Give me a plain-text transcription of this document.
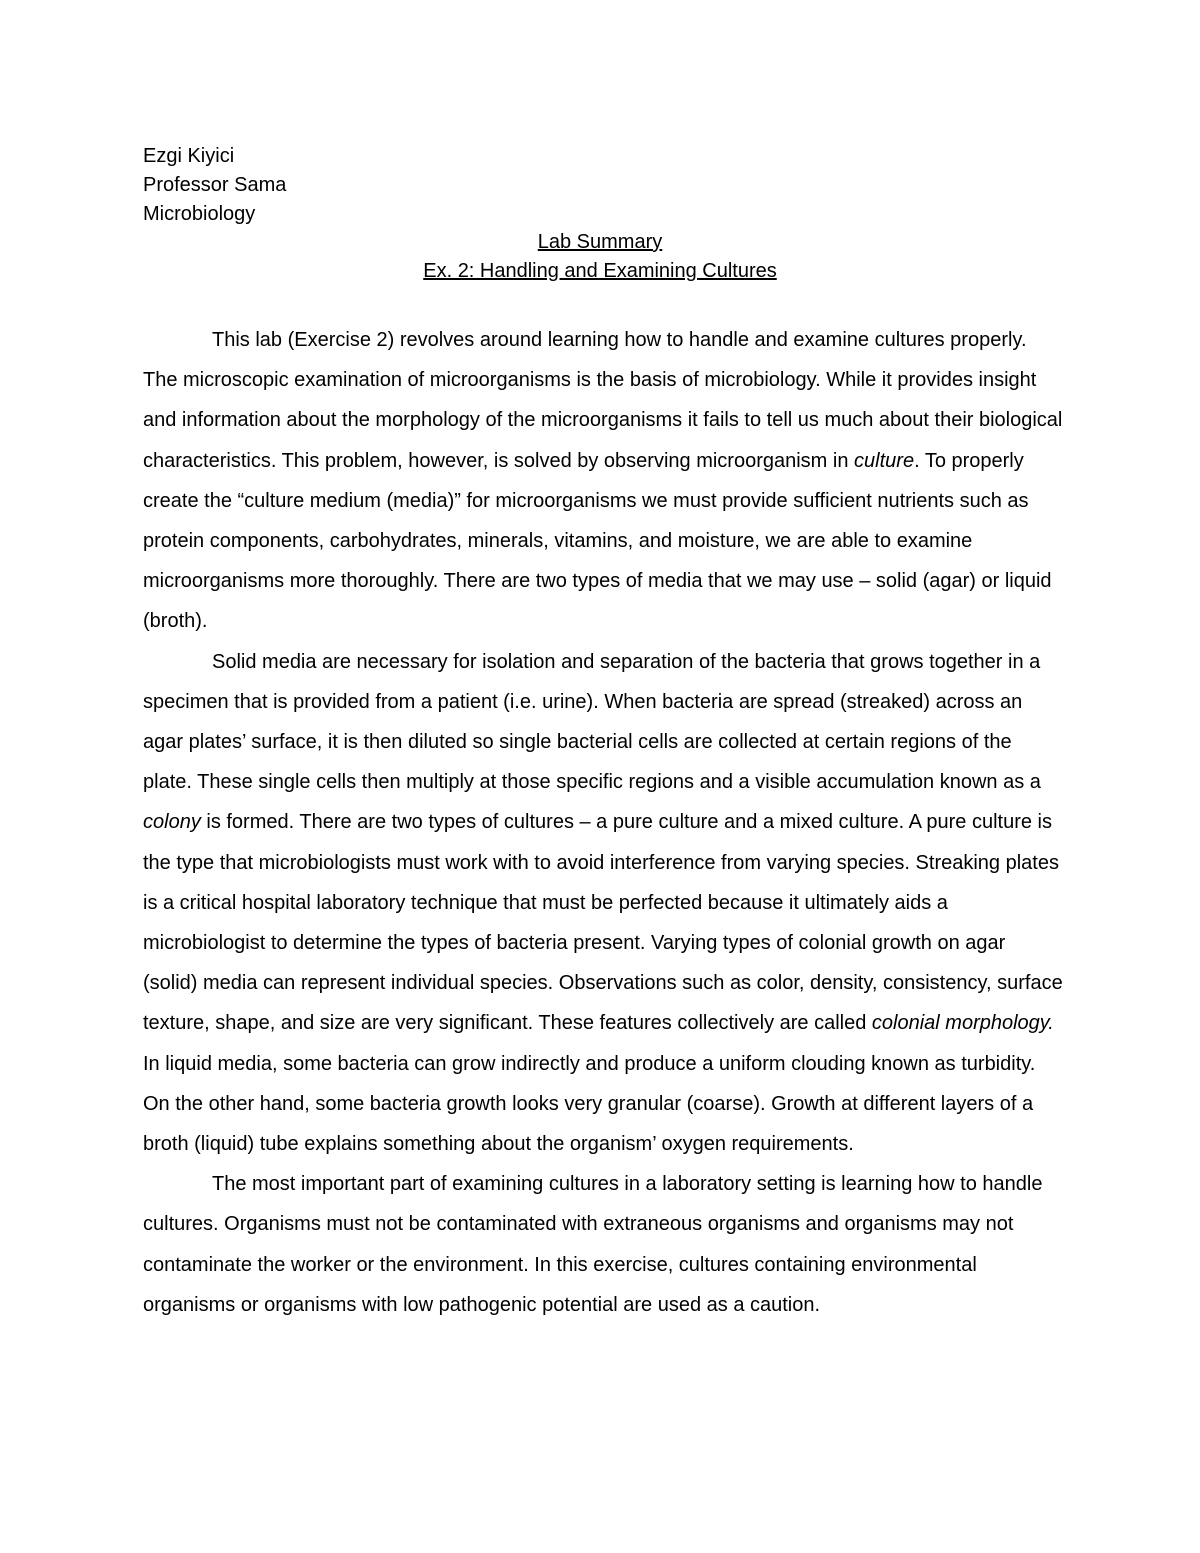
Ezgi Kiyici
Professor Sama
Microbiology
Lab Summary
Ex. 2: Handling and Examining Cultures

This lab (Exercise 2) revolves around learning how to handle and examine cultures properly. The microscopic examination of microorganisms is the basis of microbiology. While it provides insight and information about the morphology of the microorganisms it fails to tell us much about their biological characteristics. This problem, however, is solved by observing microorganism in culture. To properly create the “culture medium (media)” for microorganisms we must provide sufficient nutrients such as protein components, carbohydrates, minerals, vitamins, and moisture, we are able to examine microorganisms more thoroughly. There are two types of media that we may use – solid (agar) or liquid (broth).

Solid media are necessary for isolation and separation of the bacteria that grows together in a specimen that is provided from a patient (i.e. urine). When bacteria are spread (streaked) across an agar plates’ surface, it is then diluted so single bacterial cells are collected at certain regions of the plate. These single cells then multiply at those specific regions and a visible accumulation known as a colony is formed. There are two types of cultures – a pure culture and a mixed culture. A pure culture is the type that microbiologists must work with to avoid interference from varying species. Streaking plates is a critical hospital laboratory technique that must be perfected because it ultimately aids a microbiologist to determine the types of bacteria present. Varying types of colonial growth on agar (solid) media can represent individual species. Observations such as color, density, consistency, surface texture, shape, and size are very significant. These features collectively are called colonial morphology. In liquid media, some bacteria can grow indirectly and produce a uniform clouding known as turbidity. On the other hand, some bacteria growth looks very granular (coarse). Growth at different layers of a broth (liquid) tube explains something about the organism’ oxygen requirements.

The most important part of examining cultures in a laboratory setting is learning how to handle cultures. Organisms must not be contaminated with extraneous organisms and organisms may not contaminate the worker or the environment. In this exercise, cultures containing environmental organisms or organisms with low pathogenic potential are used as a caution.
